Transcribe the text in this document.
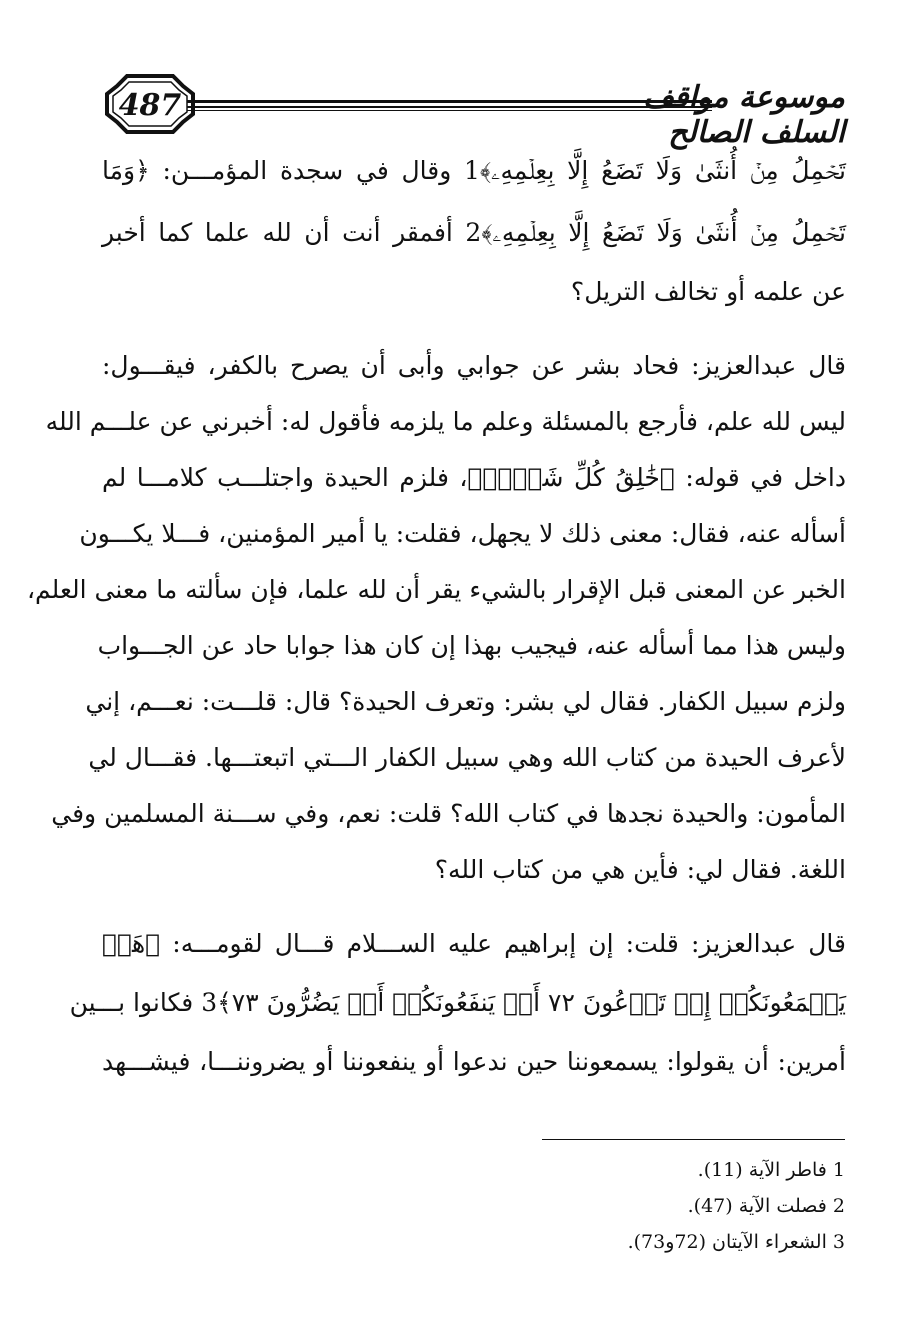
487	موسوعة مواقف السلف الصالح
تَحۡمِلُ مِنۡ أُنثَىٰ وَلَا تَضَعُ إِلَّا بِعِلۡمِهِۦ﴾1 وقال في سجدة المؤمـــن: ﴿وَمَا
تَحۡمِلُ مِنۡ أُنثَىٰ وَلَا تَضَعُ إِلَّا بِعِلۡمِهِۦ﴾2 أفمقر أنت أن لله علما كما أخبر
عن علمه أو تخالف التريل؟
قال عبدالعزيز: فحاد بشر عن جوابي وأبى أن يصرح بالكفر، فيقـــول:
ليس لله علم، فأرجع بالمسئلة وعلم ما يلزمه فأقول له: أخبرني عن علـــم الله
داخل في قوله: ﴿خَٰلِقُ كُلِّ شَيۡءٖ﴾، فلزم الحيدة واجتلـــب كلامـــا لم
أسأله عنه، فقال: معنى ذلك لا يجهل، فقلت: يا أمير المؤمنين، فـــلا يكـــون
الخبر عن المعنى قبل الإقرار بالشيء يقر أن لله علما، فإن سألته ما معنى العلم،
وليس هذا مما أسأله عنه، فيجيب بهذا إن كان هذا جوابا حاد عن الجـــواب
ولزم سبيل الكفار. فقال لي بشر: وتعرف الحيدة؟ قال: قلـــت: نعـــم، إني
لأعرف الحيدة من كتاب الله وهي سبيل الكفار الـــتي اتبعتـــها. فقـــال لي
المأمون: والحيدة نجدها في كتاب الله؟ قلت: نعم، وفي ســـنة المسلمين وفي
اللغة. فقال لي: فأين هي من كتاب الله؟
قال عبدالعزيز: قلت: إن إبراهيم عليه الســـلام قـــال لقومـــه: ﴿هَلۡ
يَسۡمَعُونَكُمۡ إِذۡ تَدۡعُونَ ٧٢ أَوۡ يَنفَعُونَكُمۡ أَوۡ يَضُرُّونَ ٧٣﴾3 فكانوا بـــين
أمرين: أن يقولوا: يسمعوننا حين ندعوا أو ينفعوننا أو يضروننـــا، فيشـــهد
1 فاطر الآية (11).
2 فصلت الآية (47).
3 الشعراء الآيتان (72و73).
